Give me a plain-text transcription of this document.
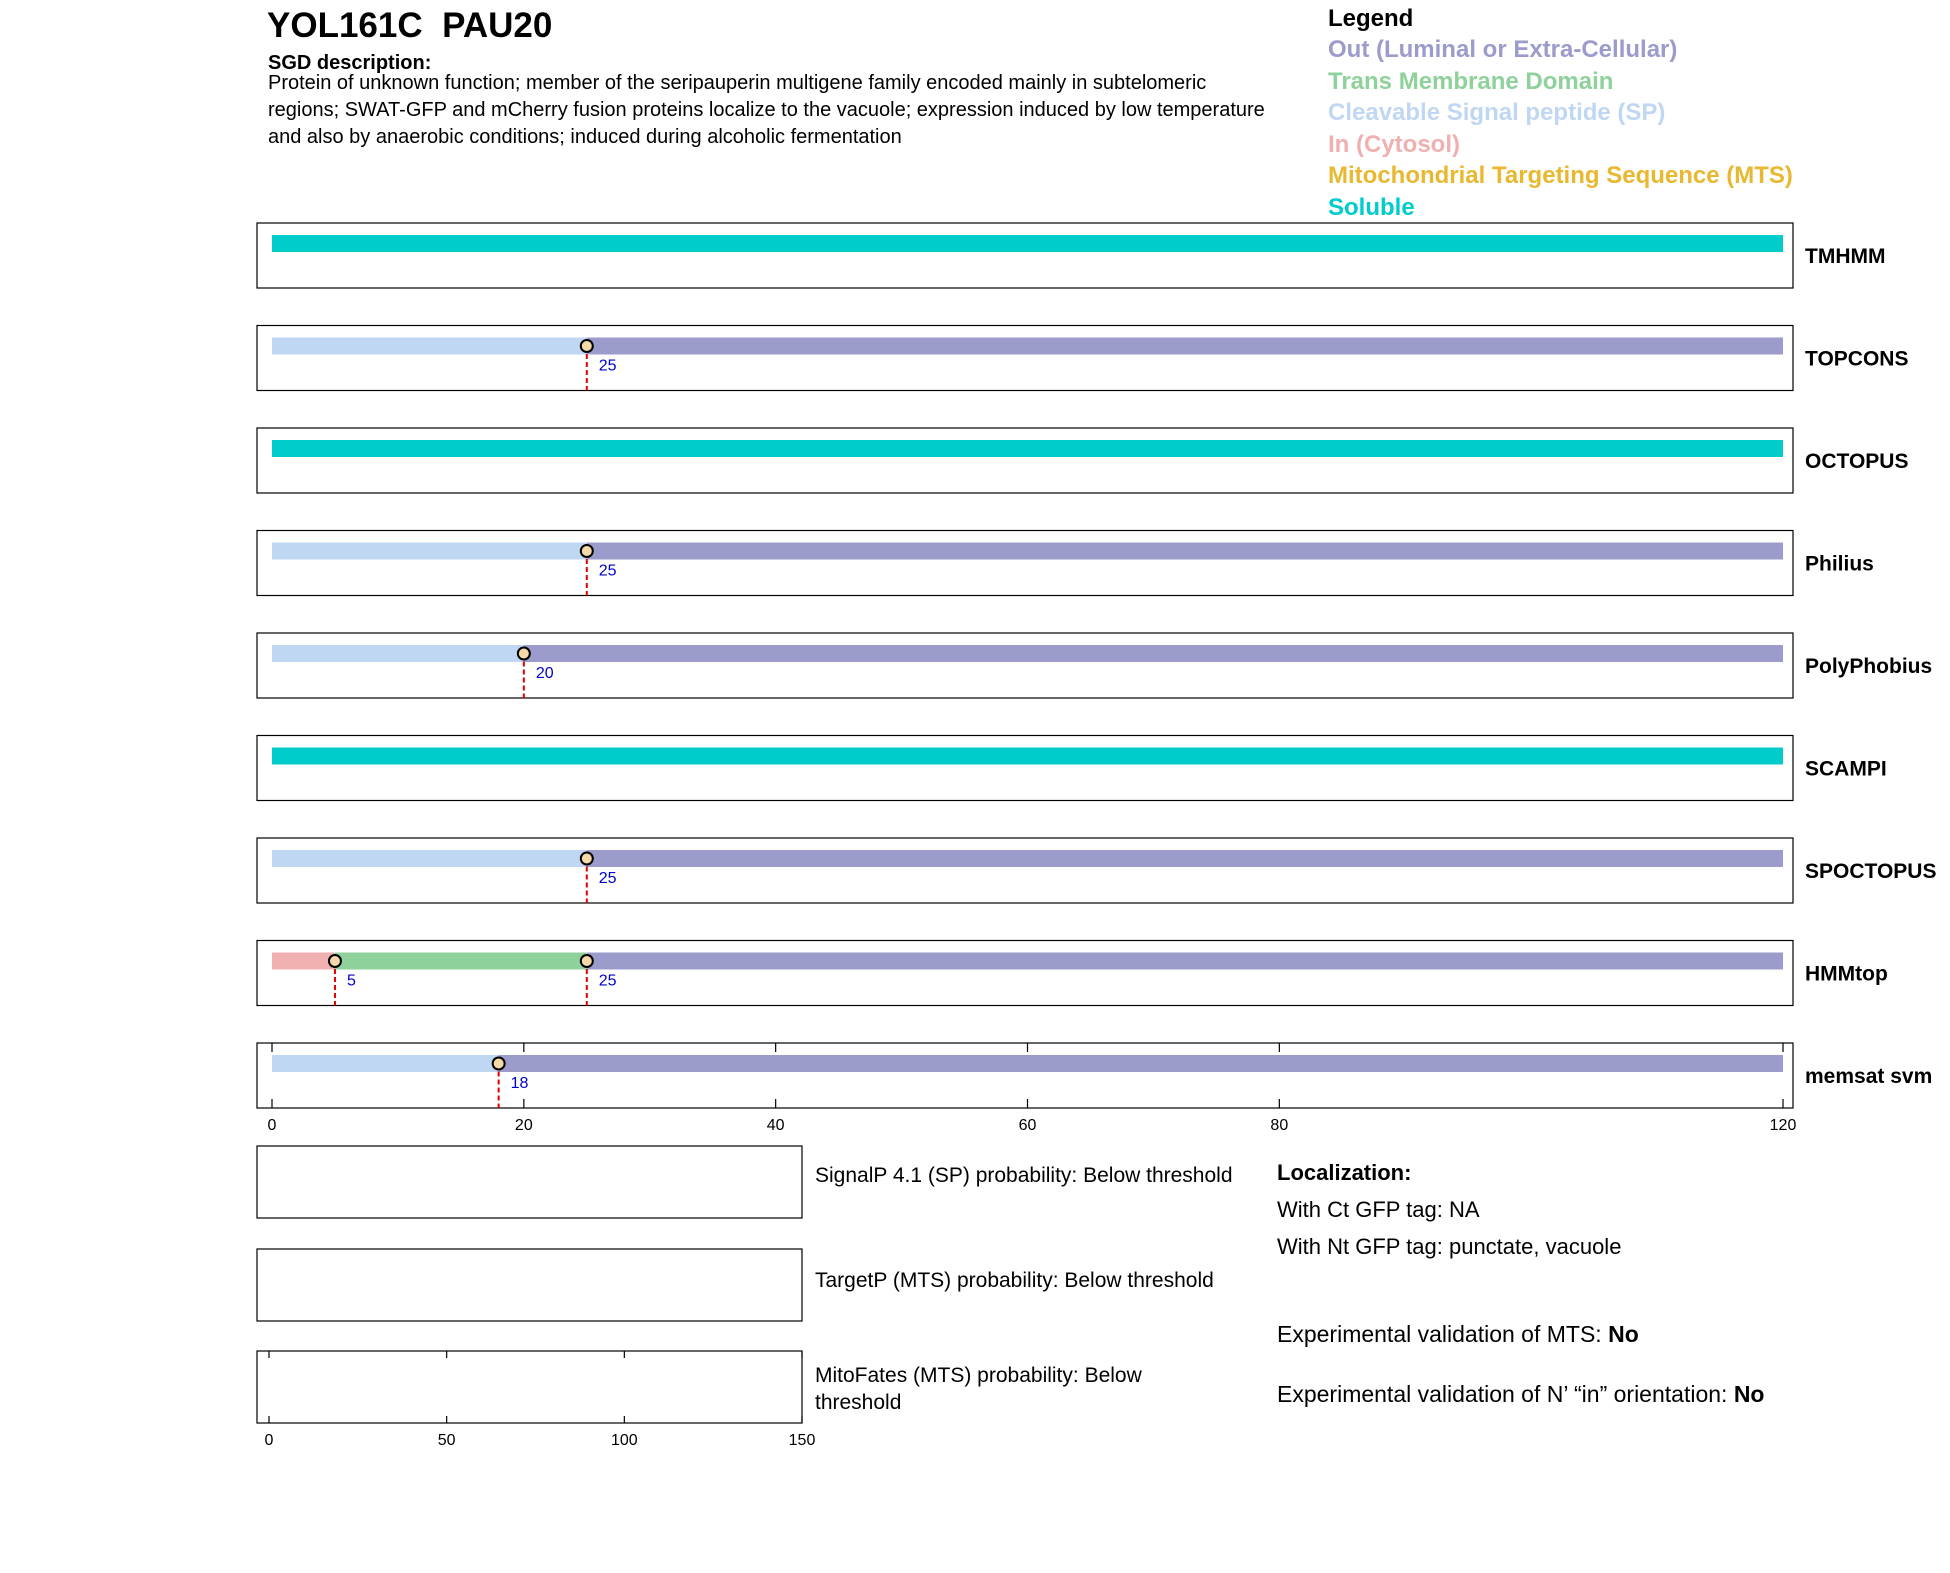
YOL161C  PAU20
SGD description:
Protein of unknown function; member of the seripauperin multigene family encoded mainly in subtelomeric regions; SWAT-GFP and mCherry fusion proteins localize to the vacuole; expression induced by low temperature and also by anaerobic conditions; induced during alcoholic fermentation
Legend
Out (Luminal or Extra-Cellular)
Trans Membrane Domain
Cleavable Signal peptide (SP)
In (Cytosol)
Mitochondrial Targeting Sequence (MTS)
Soluble
TMHMM
25	TOPCONS
OCTOPUS
25	Philius
20	PolyPhobius
SCAMPI
25	SPOCTOPUS
5	25	HMMtop
18	memsat svm
0	20	40	60	80	120
0	50	100	150
SignalP 4.1 (SP) probability: Below threshold
TargetP (MTS) probability: Below threshold
MitoFates (MTS) probability: Below threshold
Localization:
With Ct GFP tag: NA
With Nt GFP tag: punctate, vacuole
Experimental validation of MTS: No
Experimental validation of N’ “in” orientation: No
